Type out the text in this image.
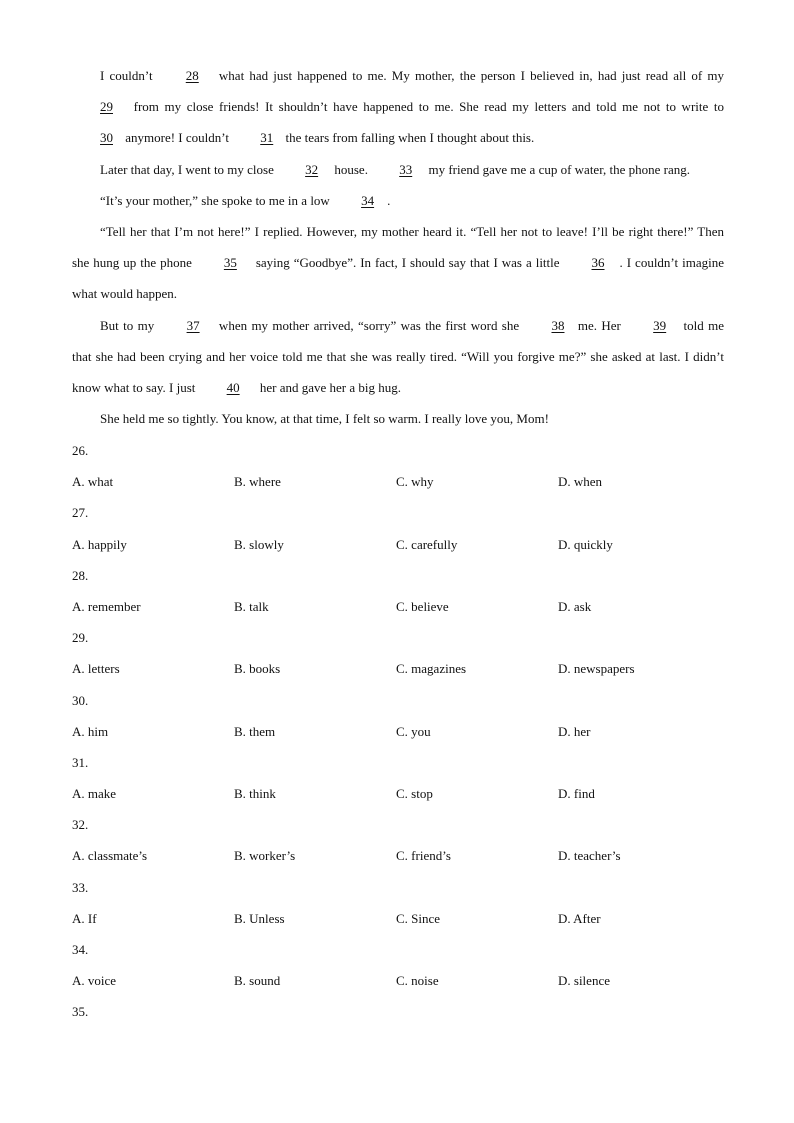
I couldn’t 28 what had just happened to me. My mother, the person I believed in, had just read all of my 29 from my close friends! It shouldn’t have happened to me. She read my letters and told me not to write to 30 anymore! I couldn’t 31 the tears from falling when I thought about this.

Later that day, I went to my close 32 house. 33 my friend gave me a cup of water, the phone rang.

“It’s your mother,” she spoke to me in a low 34 .

“Tell her that I’m not here!” I replied. However, my mother heard it. “Tell her not to leave! I’ll be right there!” Then she hung up the phone 35 saying “Goodbye”. In fact, I should say that I was a little 36 . I couldn’t imagine what would happen.

But to my 37 when my mother arrived, “sorry” was the first word she 38 me. Her 39 told me that she had been crying and her voice told me that she was really tired. “Will you forgive me?” she asked at last. I didn’t know what to say. I just 40 her and gave her a big hug.

She held me so tightly. You know, at that time, I felt so warm. I really love you, Mom!

26.
A. what	B. where	C. why	D. when
27.
A. happily	B. slowly	C. carefully	D. quickly
28.
A. remember	B. talk	C. believe	D. ask
29.
A. letters	B. books	C. magazines	D. newspapers
30.
A. him	B. them	C. you	D. her
31.
A. make	B. think	C. stop	D. find
32.
A. classmate’s	B. worker’s	C. friend’s	D. teacher’s
33.
A. If	B. Unless	C. Since	D. After
34.
A. voice	B. sound	C. noise	D. silence
35.
